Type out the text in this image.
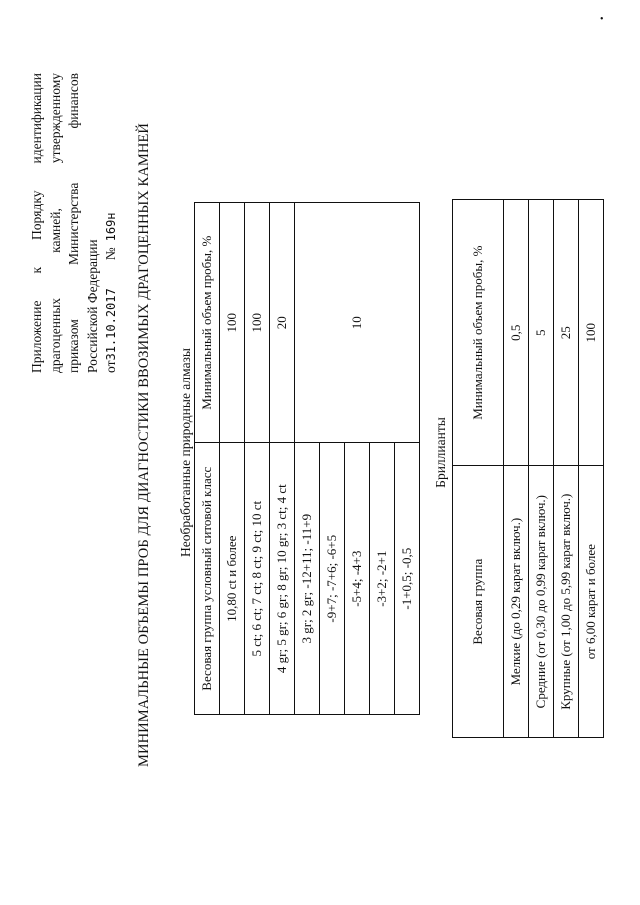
Приложение
к
Порядку
идентификации
драгоценных
камней,
утвержденному
приказом
Министерства
финансов
Российской Федерации от31.10.2017
№
169н МИНИМАЛЬНЫЕ ОБЪЕМЫ ПРОБ ДЛЯ ДИАГНОСТИКИ ВВОЗИМЫХ ДРАГОЦЕННЫХ КАМНЕЙ Необработанные природные алмазы
Весовая группа условный ситовой класс	Минимальный объем пробы, %
10,80 ct и более	100
5 ct; 6 ct; 7 ct; 8 ct; 9 ct; 10 ct	100
4 gr; 5 gr; 6 gr; 8 gr; 10 gr; 3 ct; 4 ct	20
3 gr; 2 gr; -12+11; -11+9	10
-9+7; -7+6; -6+5	
-5+4; -4+3	
-3+2; -2+1	
-1+0,5; -0,5	
Бриллианты
Весовая группа	Минимальный объем пробы, %
Мелкие (до 0,29 карат включ.)	0,5
Средние (от 0,30 до 0,99 карат включ.)	5
Крупные (от 1,00 до 5,99 карат включ.)	25
от 6,00 карат и более	100
•
